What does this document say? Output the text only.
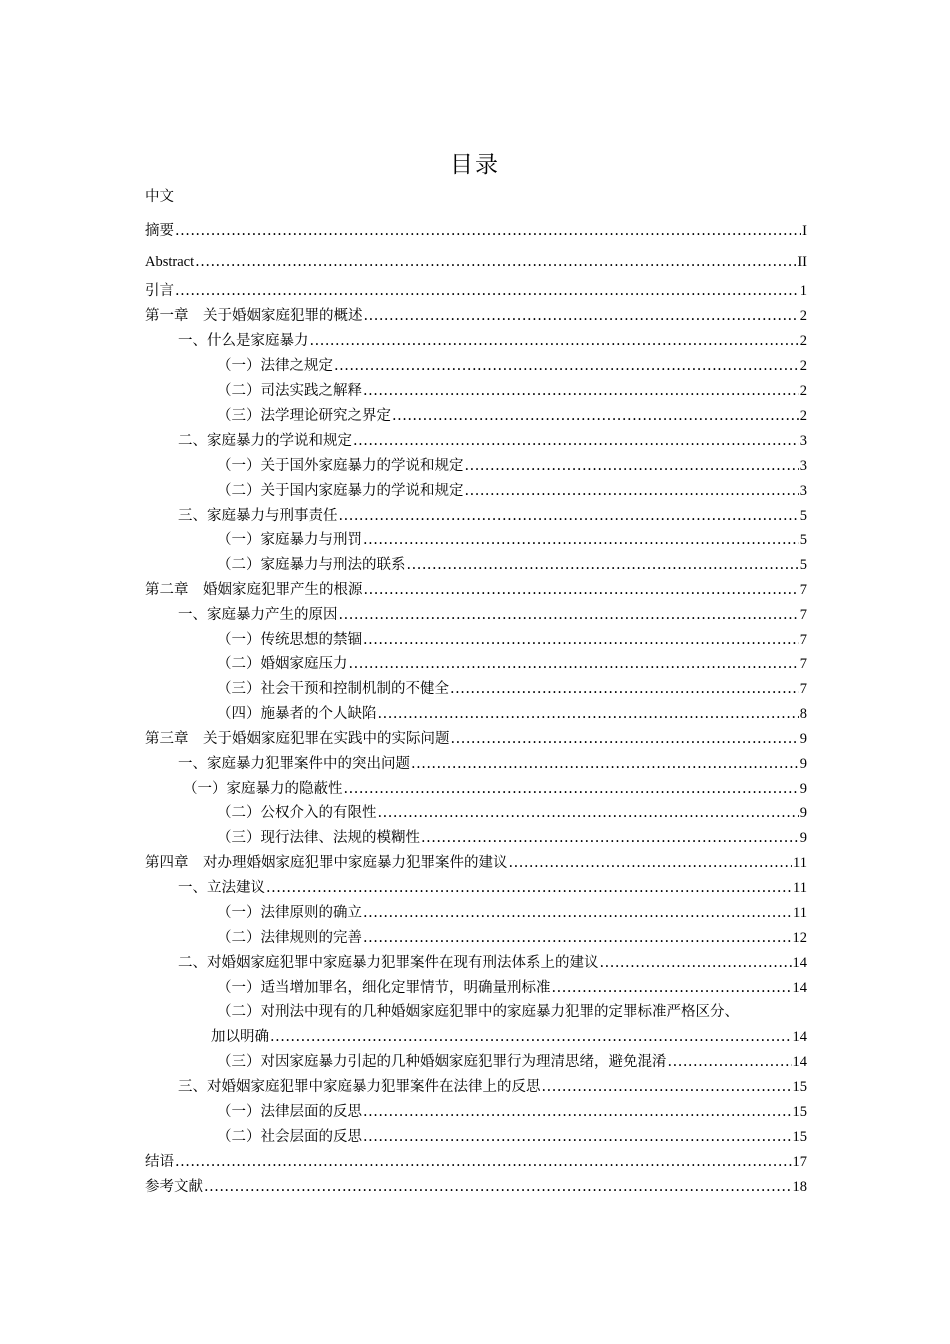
目录
中文
摘要 .....	I
Abstract .....	II
引言 .....	1
第一章　关于婚姻家庭犯罪的概述 .....	2
一、什么是家庭暴力 .....	2
（一）法律之规定 .....	2
（二）司法实践之解释 .....	2
（三）法学理论研究之界定 .....	2
二、家庭暴力的学说和规定 .....	3
（一）关于国外家庭暴力的学说和规定 .....	3
（二）关于国内家庭暴力的学说和规定 .....	3
三、家庭暴力与刑事责任 .....	5
（一）家庭暴力与刑罚 .....	5
（二）家庭暴力与刑法的联系 .....	5
第二章　婚姻家庭犯罪产生的根源 .....	7
一、家庭暴力产生的原因 .....	7
（一）传统思想的禁锢 .....	7
（二）婚姻家庭压力 .....	7
（三）社会干预和控制机制的不健全 .....	7
（四）施暴者的个人缺陷 .....	8
第三章　关于婚姻家庭犯罪在实践中的实际问题 .....	9
一、家庭暴力犯罪案件中的突出问题 .....	9
（一）家庭暴力的隐蔽性 .....	9
（二）公权介入的有限性 .....	9
（三）现行法律、法规的模糊性 .....	9
第四章　对办理婚姻家庭犯罪中家庭暴力犯罪案件的建议 .....	11
一、立法建议 .....	11
（一）法律原则的确立 .....	11
（二）法律规则的完善 .....	12
二、对婚姻家庭犯罪中家庭暴力犯罪案件在现有刑法体系上的建议 .....	14
（一）适当增加罪名，细化定罪情节，明确量刑标准 .....	14
（二）对刑法中现有的几种婚姻家庭犯罪中的家庭暴力犯罪的定罪标准严格区分、
加以明确 .....	14
（三）对因家庭暴力引起的几种婚姻家庭犯罪行为理清思绪，避免混淆 .....	14
三、对婚姻家庭犯罪中家庭暴力犯罪案件在法律上的反思 .....	15
（一）法律层面的反思 .....	15
（二）社会层面的反思 .....	15
结语 .....	17
参考文献 .....	18
